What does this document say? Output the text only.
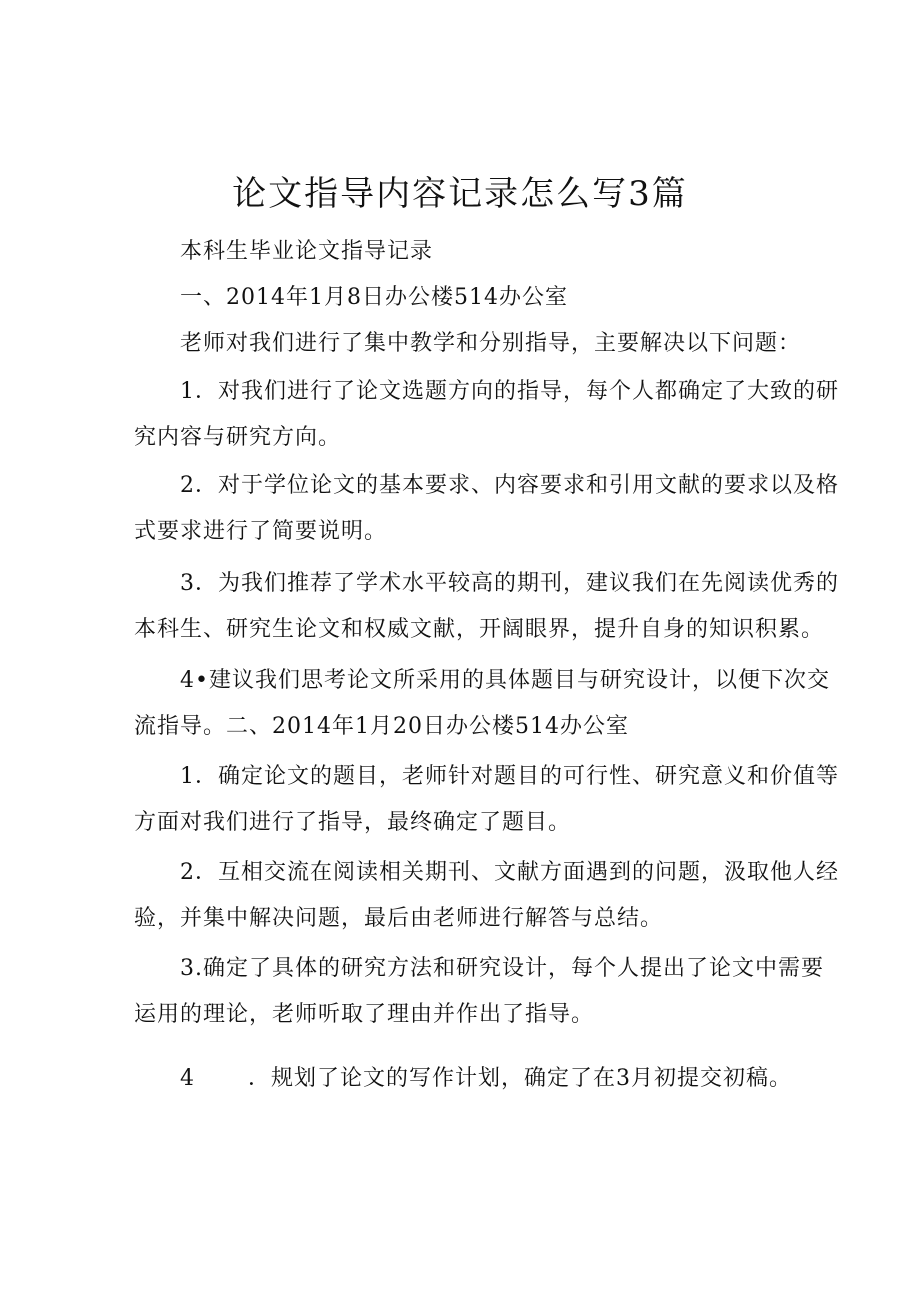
论文指导内容记录怎么写3篇

本科生毕业论文指导记录

一、2014年1月8日办公楼514办公室

老师对我们进行了集中教学和分别指导，主要解决以下问题：

1．对我们进行了论文选题方向的指导，每个人都确定了大致的研
究内容与研究方向。

2．对于学位论文的基本要求、内容要求和引用文献的要求以及格
式要求进行了简要说明。

3．为我们推荐了学术水平较高的期刊，建议我们在先阅读优秀的
本科生、研究生论文和权威文献，开阔眼界，提升自身的知识积累。

4•建议我们思考论文所采用的具体题目与研究设计，以便下次交
流指导。二、2014年1月20日办公楼514办公室

1．确定论文的题目，老师针对题目的可行性、研究意义和价值等
方面对我们进行了指导，最终确定了题目。

2．互相交流在阅读相关期刊、文献方面遇到的问题，汲取他人经
验，并集中解决问题，最后由老师进行解答与总结。

3.确定了具体的研究方法和研究设计，每个人提出了论文中需要
运用的理论，老师听取了理由并作出了指导。

4 ．规划了论文的写作计划，确定了在3月初提交初稿。
